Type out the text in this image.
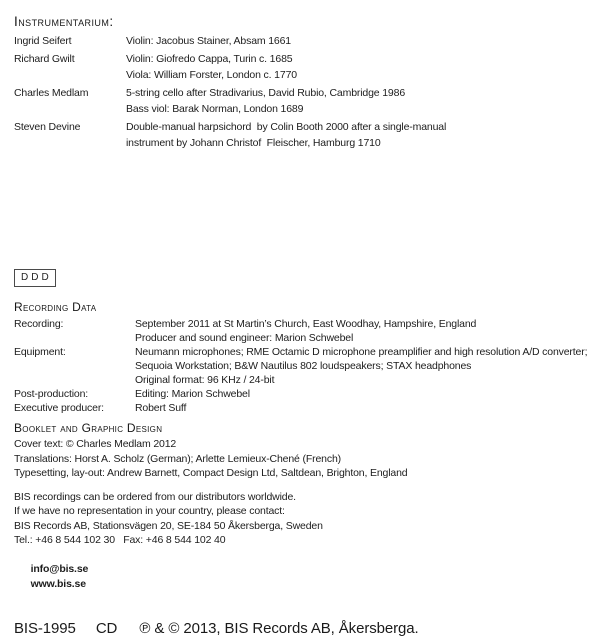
Instrumentarium:
Ingrid Seifert	Violin: Jacobus Stainer, Absam 1661
Richard Gwilt	Violin: Giofredo Cappa, Turin c. 1685
Viola: William Forster, London c. 1770
Charles Medlam	5-string cello after Stradivarius, David Rubio, Cambridge 1986
Bass viol: Barak Norman, London 1689
Steven Devine	Double-manual harpsichord  by Colin Booth 2000 after a single-manual
instrument by Johann Christof  Fleischer, Hamburg 1710
DDD
Recording Data
Recording:	September 2011 at St Martin’s Church, East Woodhay, Hampshire, England
Producer and sound engineer: Marion Schwebel
Equipment:	Neumann microphones; RME Octamic D microphone preamplifier and high resolution A/D converter;
Sequoia Workstation; B&W Nautilus 802 loudspeakers; STAX headphones
Original format: 96 KHz / 24-bit
Post-production:	Editing: Marion Schwebel
Executive producer:	Robert Suff
Booklet and Graphic Design
Cover text: © Charles Medlam 2012
Translations: Horst A. Scholz (German); Arlette Lemieux-Chené (French)
Typesetting, lay-out: Andrew Barnett, Compact Design Ltd, Saltdean, Brighton, England
BIS recordings can be ordered from our distributors worldwide.
If we have no representation in your country, please contact:
BIS Records AB, Stationsvägen 20, SE-184 50 Åkersberga, Sweden
Tel.: +46 8 544 102 30   Fax: +46 8 544 102 40

info@bis.se
www.bis.se

BIS-1995 CD ℗ & © 2013, BIS Records AB, Åkersberga.
